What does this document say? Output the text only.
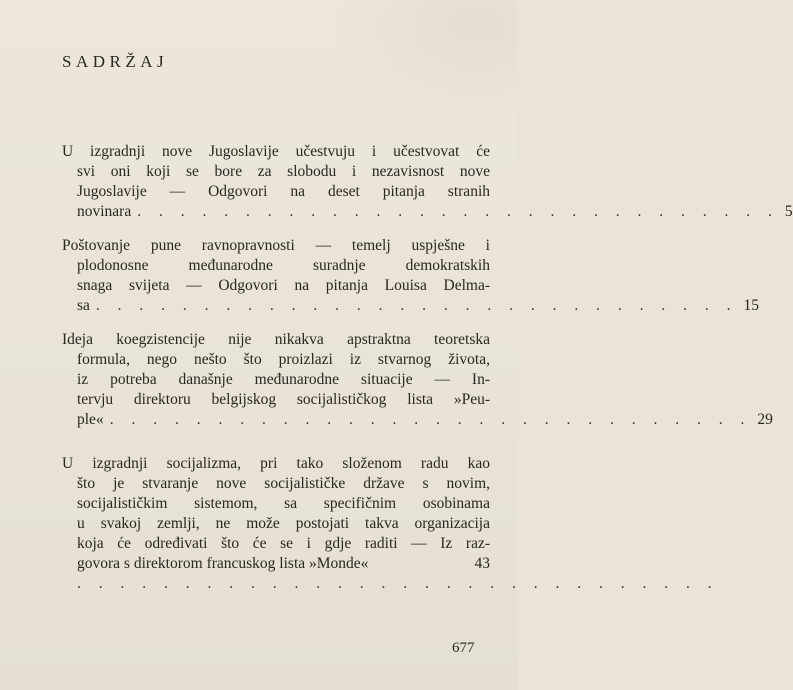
SADRŽAJ
U izgradnji nove Jugoslavije učestvuju i učestvovat će
svi oni koji se bore za slobodu i nezavisnost nove
Jugoslavije — Odgovori na deset pitanja stranih
novinara . . . . . . . . . . . . . . . . . . . . . . . . . . . . . . 5
Poštovanje pune ravnopravnosti — temelj uspješne i
plodonosne međunarodne suradnje demokratskih
snaga svijeta — Odgovori na pitanja Louisa Delma-
sa . . . . . . . . . . . . . . . . . . . . . . . . . . . . . . 15
Ideja koegzistencije nije nikakva apstraktna teoretska
formula, nego nešto što proizlazi iz stvarnog života,
iz potreba današnje međunarodne situacije — In-
tervju direktoru belgijskog socijalističkog lista »Peu-
ple« . . . . . . . . . . . . . . . . . . . . . . . . . . . . . . 29
U izgradnji socijalizma, pri tako složenom radu kao
što je stvaranje nove socijalističke države s novim,
socijalističkim sistemom, sa specifičnim osobinama
u svakoj zemlji, ne može postojati takva organizacija
koja će određivati što će se i gdje raditi — Iz raz-
govora s direktorom francuskog lista »Monde«	43
. . . . . . . . . . . . . . . . . . . . . . . . . . . . . .
677
